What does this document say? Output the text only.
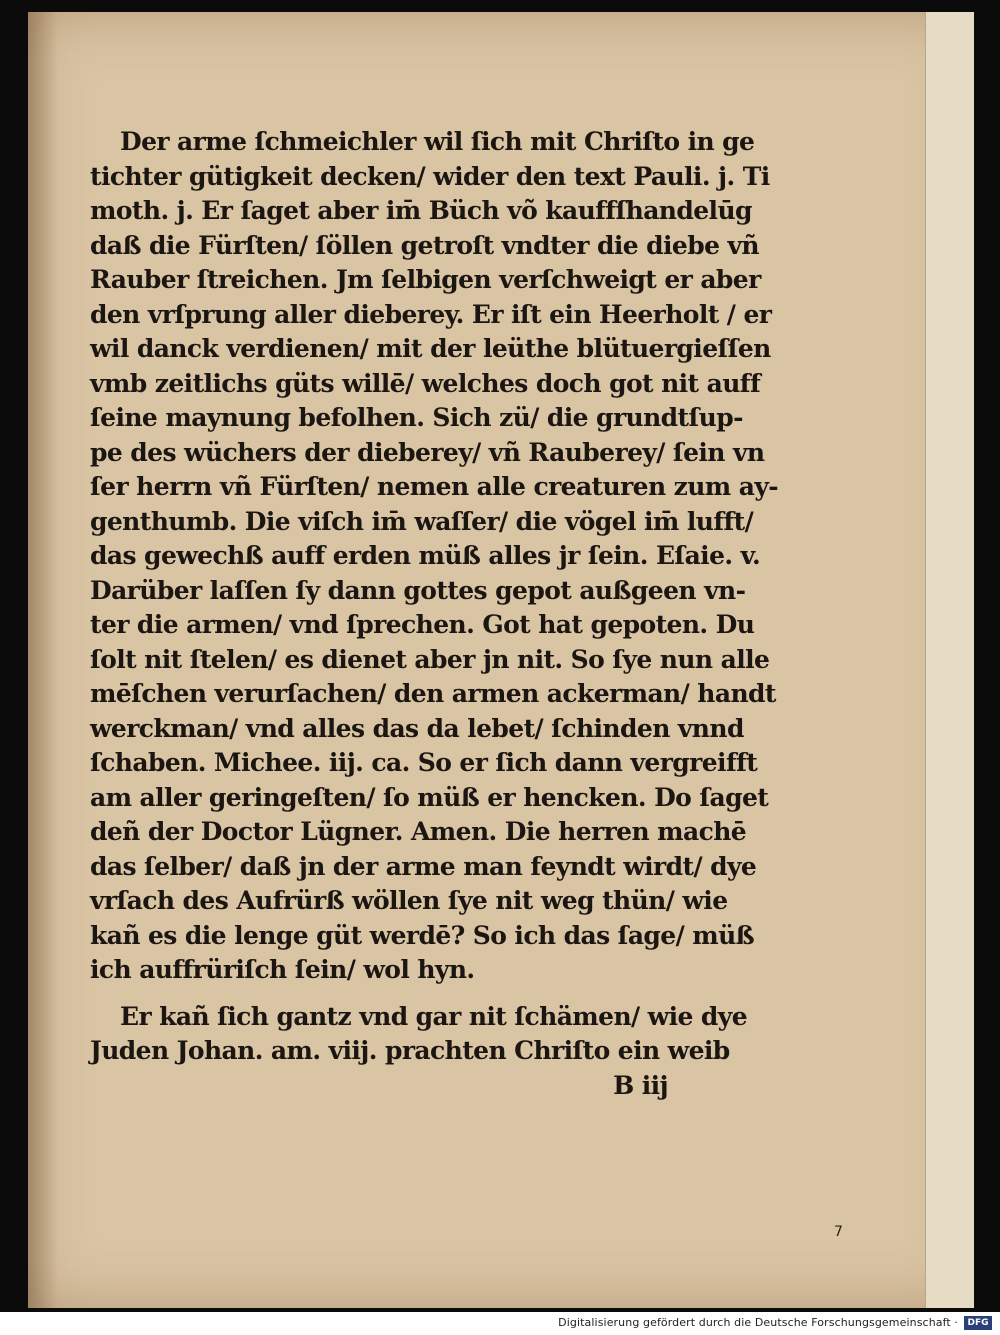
Der arme ſchmeichler wil ſich mit Chriſto in ge

tichter gütigkeit decken/ wider den text Pauli. j. Ti

moth. j. Er ſaget aber im̄ Büch võ kauffſhandelūg

daß die Fürſten/ ſöllen getroſt vndter die diebe vñ

Rauber ſtreichen. Jm ſelbigen verſchweigt er aber

den vrſprung aller dieberey. Er iſt ein Heerholt / er

wil danck verdienen/ mit der leüthe blütuergieſſen

vmb zeitlichs güts willē/ welches doch got nit auff

ſeine maynung befolhen. Sich zü/ die grundtſup-

pe des wüchers der dieberey/ vñ Rauberey/ ſein vn

ſer herrn vñ Fürſten/ nemen alle creaturen zum ay-

genthumb. Die viſch im̄ waſſer/ die vögel im̄ lufft/

das gewechß auff erden müß alles jr ſein. Eſaie. v.

Darüber laſſen ſy dann gottes gepot außgeen vn-

ter die armen/ vnd ſprechen. Got hat gepoten. Du

ſolt nit ſtelen/ es dienet aber jn nit. So ſye nun alle

mēſchen verurſachen/ den armen ackerman/ handt

werckman/ vnd alles das da lebet/ ſchinden vnnd

ſchaben. Michee. iij. ca. So er ſich dann vergreifft

am aller geringeſten/ ſo müß er hencken. Do ſaget

deñ der Doctor Lügner. Amen. Die herren machē

das ſelber/ daß jn der arme man feyndt wirdt/ dye

vrſach des Aufrürß wöllen ſye nit weg thün/ wie

kañ es die lenge güt werdē? So ich das ſage/ müß

ich auffrüriſch ſein/ wol hyn.

Er kañ ſich gantz vnd gar nit ſchämen/ wie dye

Juden Johan. am. viij. prachten Chriſto ein weib

B iij

7
Digitalisierung gefördert durch die Deutsche Forschungsgemeinschaft ·	DFG
